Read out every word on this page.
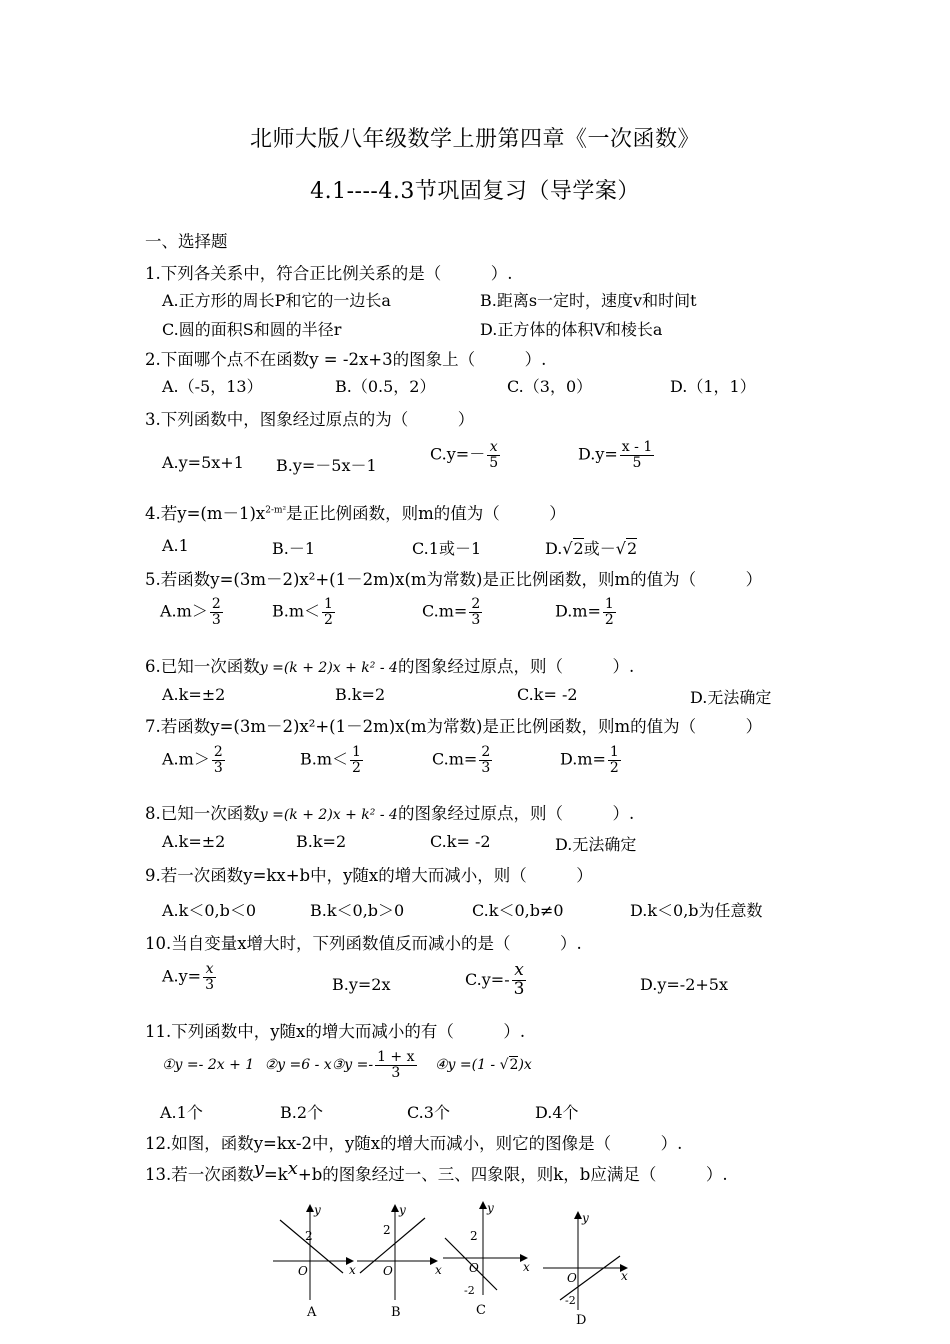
北师大版八年级数学上册第四章《一次函数》
4.1----4.3节巩固复习（导学案）
一、选择题
1.下列各关系中，符合正比例关系的是（　　　）.
A.正方形的周长P和它的一边长a	B.距离s一定时，速度v和时间t
C.圆的面积S和圆的半径r	D.正方体的体积V和棱长a
2.下面哪个点不在函数y = -2x+3的图象上（　　　）.
A.（-5，13）	B.（0.5，2）	C.（3，0）	D.（1，1）
3.下列函数中，图象经过原点的为（　　　）
A.y=5x+1 B.y=－5x－1
$C.y=- \frac{x}{5}$	$D.y= \frac{x - 1}{5}$
4.若$y=(m-1)x^{2-m^2}$是正比例函数，则m的值为（　　　）
A.1	B.－1	C.1或－1	D.√2或－√2
5.若函数y=(3m－2)x²+(1－2m)x(m为常数)是正比例函数，则m的值为（　　　）
$A.m> \frac{2}{3}$	$B.m< \frac{1}{2}$	$C.m= \frac{2}{3}$	$D.m= \frac{1}{2}$
6.已知一次函数y =(k + 2)x + k² - 4的图象经过原点，则（　　　）.
A.k=±2	B.k=2	C.k= -2	D.无法确定
7.若函数y=(3m－2)x²+(1－2m)x(m为常数)是正比例函数，则m的值为（　　　）
$A.m> \frac{2}{3}$	$B.m< \frac{1}{2}$	$C.m= \frac{2}{3}$	$D.m= \frac{1}{2}$
8.已知一次函数y =(k + 2)x + k² - 4的图象经过原点，则（　　　）.
A.k=±2	B.k=2	C.k= -2	D.无法确定
9.若一次函数y=kx+b中，y随x的增大而减小，则（　　　）
A.k＜0,b＜0	B.k＜0,b＞0	C.k＜0,b≠0	D.k＜0,b为任意数
10.当自变量x增大时，下列函数值反而减小的是（　　　）.
$A.y= \frac{x}{3}$	B.y=2x	$C.y=- \frac{x}{3}$	D.y=-2+5x
11.下列函数中，y随x的增大而减小的有（　　　）.
①y =- 2x + 1 ②y =6 - x③y =- $\frac{1 + x}{3}$ ④y =(1 - √2)x
A.1个	B.2个	C.3个	D.4个
12.如图，函数y=kx-2中，y随x的增大而减小，则它的图像是（　　　）.
13.若一次函数y=kx+b的图象经过一、三、四象限，则k，b应满足（　　　）.
y
x
O
2
A
y
x
O
2
B
y
x
O
2
-2
C
y
x
O
-2
D
